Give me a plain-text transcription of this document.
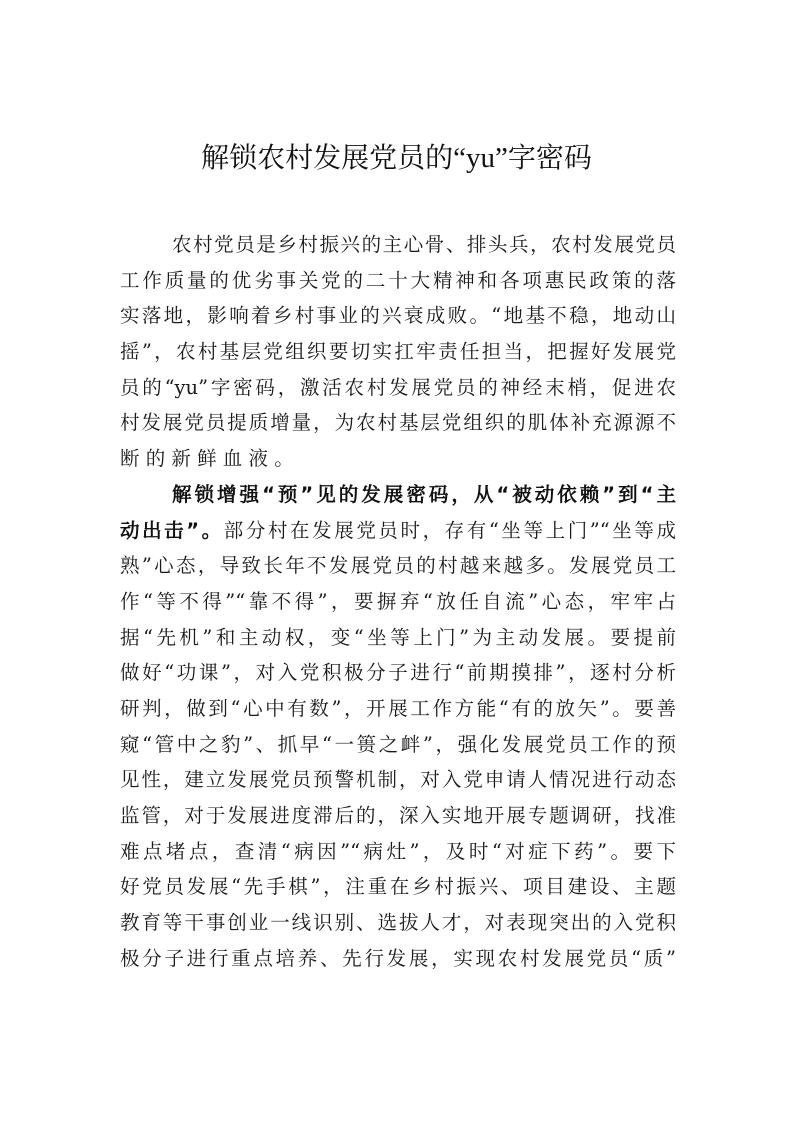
解锁农村发展党员的“yu”字密码
农村党员是乡村振兴的主心骨、排头兵，农村发展党员
工作质量的优劣事关党的二十大精神和各项惠民政策的落
实落地，影响着乡村事业的兴衰成败。“地基不稳，地动山
摇”，农村基层党组织要切实扛牢责任担当，把握好发展党
员的“yu”字密码，激活农村发展党员的神经末梢，促进农
村发展党员提质增量，为农村基层党组织的肌体补充源源不
断的新鲜血液。
解锁增强“预”见的发展密码，从“被动依赖”到“主
动出击”。部分村在发展党员时，存有“坐等上门”“坐等成
熟”心态，导致长年不发展党员的村越来越多。发展党员工
作“等不得”“靠不得”，要摒弃“放任自流”心态，牢牢占
据“先机”和主动权，变“坐等上门”为主动发展。要提前
做好“功课”，对入党积极分子进行“前期摸排”，逐村分析
研判，做到“心中有数”，开展工作方能“有的放矢”。要善
窥“管中之豹”、抓早“一篑之衅”，强化发展党员工作的预
见性，建立发展党员预警机制，对入党申请人情况进行动态
监管，对于发展进度滞后的，深入实地开展专题调研，找准
难点堵点，查清“病因”“病灶”，及时“对症下药”。要下
好党员发展“先手棋”，注重在乡村振兴、项目建设、主题
教育等干事创业一线识别、选拔人才，对表现突出的入党积
极分子进行重点培养、先行发展，实现农村发展党员“质”
